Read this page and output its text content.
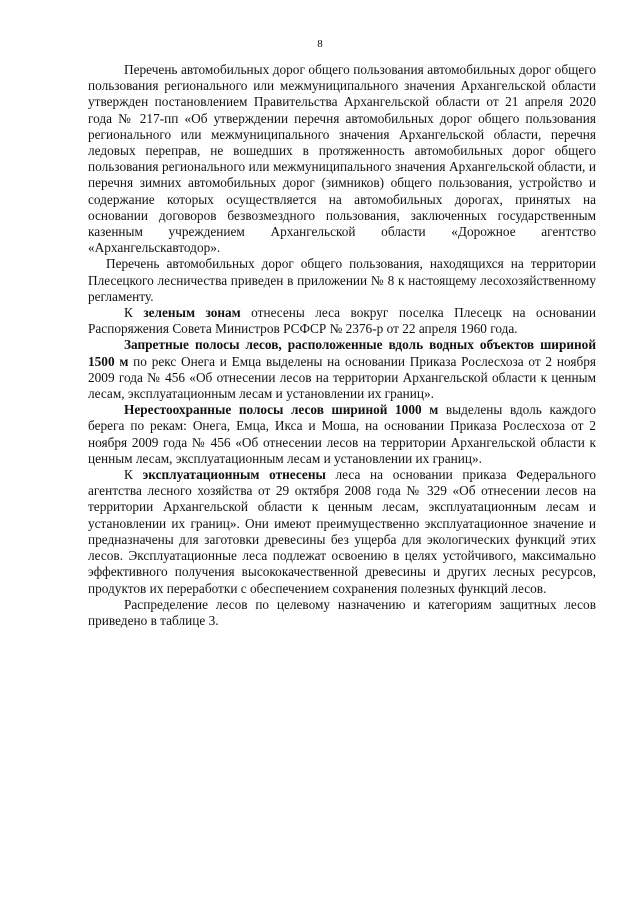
8

Перечень автомобильных дорог общего пользования автомобильных дорог общего пользования регионального или межмуниципального значения Архангельской области утвержден постановлением Правительства Архангельской области от 21 апреля 2020 года № 217-пп «Об утверждении перечня автомобильных дорог общего пользования регионального или межмуниципального значения Архангельской области, перечня ледовых переправ, не вошедших в протяженность автомобильных дорог общего пользования регионального или межмуниципального значения Архангельской области, и перечня зимних автомобильных дорог (зимников) общего пользования, устройство и содержание которых осуществляется на автомобильных дорогах, принятых на основании договоров безвозмездного пользования, заключенных государственным казенным учреждением Архангельской области «Дорожное агентство «Архангельскавтодор».

Перечень автомобильных дорог общего пользования, находящихся на территории Плесецкого лесничества приведен в приложении № 8 к настоящему лесохозяйственному регламенту.

К зеленым зонам отнесены леса вокруг поселка Плесецк на основании Распоряжения Совета Министров РСФСР № 2376-р от 22 апреля 1960 года.

Запретные полосы лесов, расположенные вдоль водных объектов шириной 1500 м по рекс Онега и Емца выделены на основании Приказа Рослесхоза от 2 ноября 2009 года № 456 «Об отнесении лесов на территории Архангельской области к ценным лесам, эксплуатационным лесам и установлении их границ».

Нерестоохранные полосы лесов шириной 1000 м выделены вдоль каждого берега по рекам: Онега, Емца, Икса и Моша, на основании Приказа Рослесхоза от 2 ноября 2009 года № 456 «Об отнесении лесов на территории Архангельской области к ценным лесам, эксплуатационным лесам и установлении их границ».

К эксплуатационным отнесены леса на основании приказа Федерального агентства лесного хозяйства от 29 октября 2008 года № 329 «Об отнесении лесов на территории Архангельской области к ценным лесам, эксплуатационным лесам и установлении их границ». Они имеют преимущественно эксплуатационное значение и предназначены для заготовки древесины без ущерба для экологических функций этих лесов. Эксплуатационные леса подлежат освоению в целях устойчивого, максимально эффективного получения высококачественной древесины и других лесных ресурсов, продуктов их переработки с обеспечением сохранения полезных функций лесов.

Распределение лесов по целевому назначению и категориям защитных лесов приведено в таблице 3.
